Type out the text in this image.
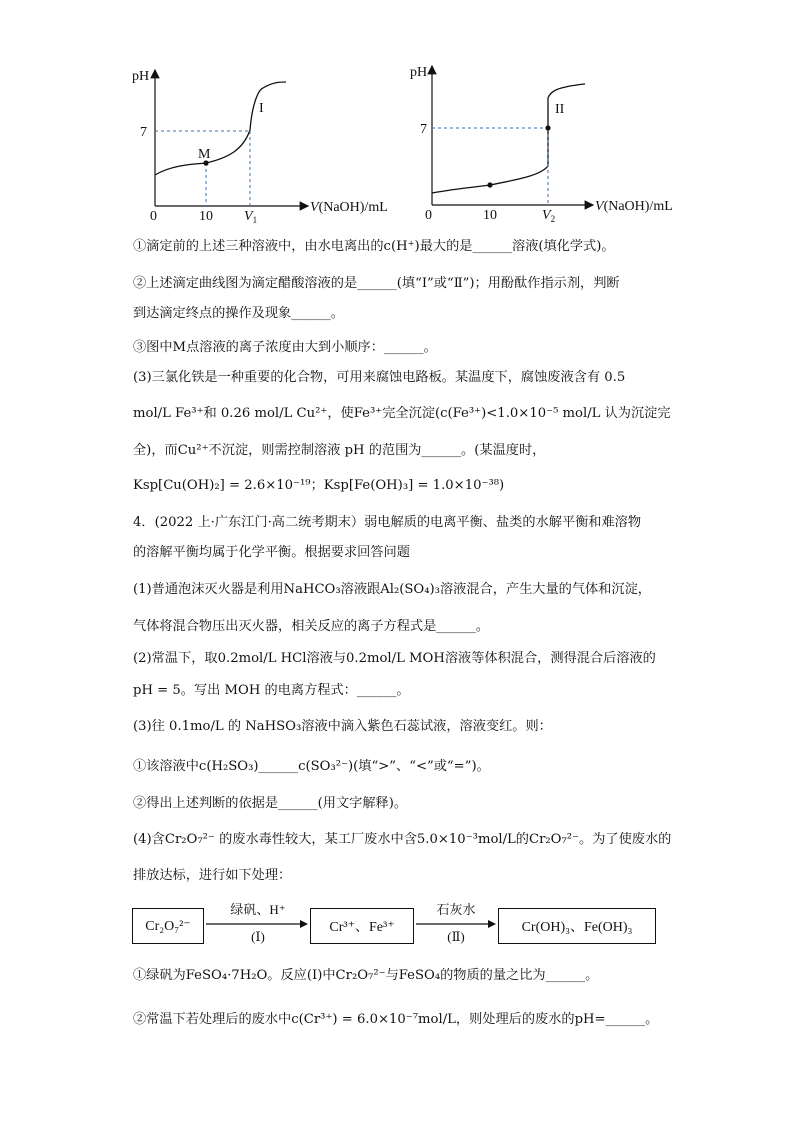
pH
7
M
I
0	10 $V_1$
V(NaOH)/mL
pH
7
II
0	10	$V_2$
V(NaOH)/mL
①滴定前的上述三种溶液中，由水电离出的c(H⁺)最大的是______溶液(填化学式)。
②上述滴定曲线图为滴定醋酸溶液的是______(填“Ⅰ”或“Ⅱ”)；用酚酞作指示剂，判断
到达滴定终点的操作及现象______。
③图中M点溶液的离子浓度由大到小顺序：______。
(3)三氯化铁是一种重要的化合物，可用来腐蚀电路板。某温度下，腐蚀废液含有 0.5
mol/L Fe³⁺和 0.26 mol/L Cu²⁺，使Fe³⁺完全沉淀(c(Fe³⁺)<1.0×10⁻⁵ mol/L 认为沉淀完
全)，而Cu²⁺不沉淀，则需控制溶液 pH 的范围为______。(某温度时，
Ksp[Cu(OH)₂] = 2.6×10⁻¹⁹；Ksp[Fe(OH)₃] = 1.0×10⁻³⁸)
4．(2022 上·广东江门·高二统考期末）弱电解质的电离平衡、盐类的水解平衡和难溶物
的溶解平衡均属于化学平衡。根据要求回答问题
(1)普通泡沫灭火器是利用NaHCO₃溶液跟Al₂(SO₄)₃溶液混合，产生大量的气体和沉淀，
气体将混合物压出灭火器，相关反应的离子方程式是______。
(2)常温下，取0.2mol/L HCl溶液与0.2mol/L MOH溶液等体积混合，测得混合后溶液的
pH = 5。写出 MOH 的电离方程式：______。
(3)往 0.1mo/L 的 NaHSO₃溶液中滴入紫色石蕊试液，溶液变红。则：
①该溶液中c(H₂SO₃)______c(SO₃²⁻)(填“>”、“<”或“=”)。
②得出上述判断的依据是______(用文字解释)。
(4)含Cr₂O₇²⁻ 的废水毒性较大，某工厂废水中含5.0×10⁻³mol/L的Cr₂O₇²⁻。为了使废水的
排放达标，进行如下处理：
Cr₂O₇²⁻
绿矾、H⁺
(Ⅰ)
Cr³⁺、Fe³⁺
石灰水
(Ⅱ)
Cr(OH)₃、Fe(OH)₃
①绿矾为FeSO₄·7H₂O。反应(Ⅰ)中Cr₂O₇²⁻与FeSO₄的物质的量之比为______。
②常温下若处理后的废水中c(Cr³⁺) = 6.0×10⁻⁷mol/L，则处理后的废水的pH=______。
